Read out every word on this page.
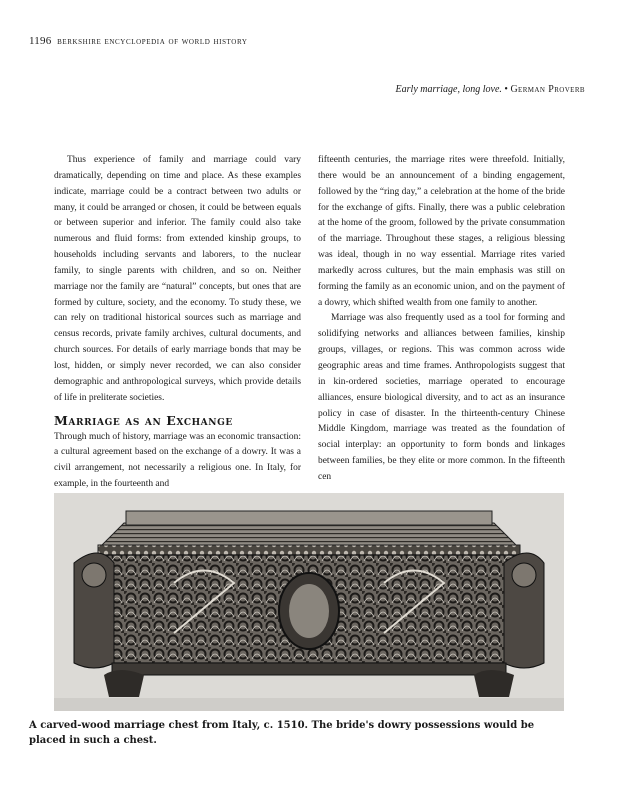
1196 berkshire encyclopedia of world history
Early marriage, long love. • German Proverb

Thus experience of family and marriage could vary dramatically, depending on time and place. As these examples indicate, marriage could be a contract between two adults or many, it could be arranged or chosen, it could be between equals or between superior and inferior. The family could also take numerous and fluid forms: from extended kinship groups, to households including servants and laborers, to the nuclear family, to single parents with children, and so on. Neither marriage nor the family are “natural” concepts, but ones that are formed by culture, society, and the economy. To study these, we can rely on traditional historical sources such as marriage and census records, private family archives, cultural documents, and church sources. For details of early marriage bonds that may be lost, hidden, or simply never recorded, we can also consider demographic and anthropological surveys, which provide details of life in preliterate societies.

Marriage as an Exchange

Through much of history, marriage was an economic transaction: a cultural agreement based on the exchange of a dowry. It was a civil arrangement, not necessarily a religious one. In Italy, for example, in the fourteenth and

fifteenth centuries, the marriage rites were threefold. Initially, there would be an announcement of a binding engagement, followed by the “ring day,” a celebration at the home of the bride for the exchange of gifts. Finally, there was a public celebration at the home of the groom, followed by the private consummation of the marriage. Throughout these stages, a religious blessing was ideal, though in no way essential. Marriage rites varied markedly across cultures, but the main emphasis was still on forming the family as an economic union, and on the payment of a dowry, which shifted wealth from one family to another.

Marriage was also frequently used as a tool for forming and solidifying networks and alliances between families, kinship groups, villages, or regions. This was common across wide geographic areas and time frames. Anthropologists suggest that in kin-ordered societies, marriage operated to encourage alliances, ensure biological diversity, and to act as an insurance policy in case of disaster. In the thirteenth-century Chinese Middle Kingdom, marriage was treated as the foundation of social interplay: an opportunity to form bonds and linkages between families, be they elite or more common. In the fifteenth cen

A carved-wood marriage chest from Italy, c. 1510. The bride's dowry possessions would be placed in such a chest.
